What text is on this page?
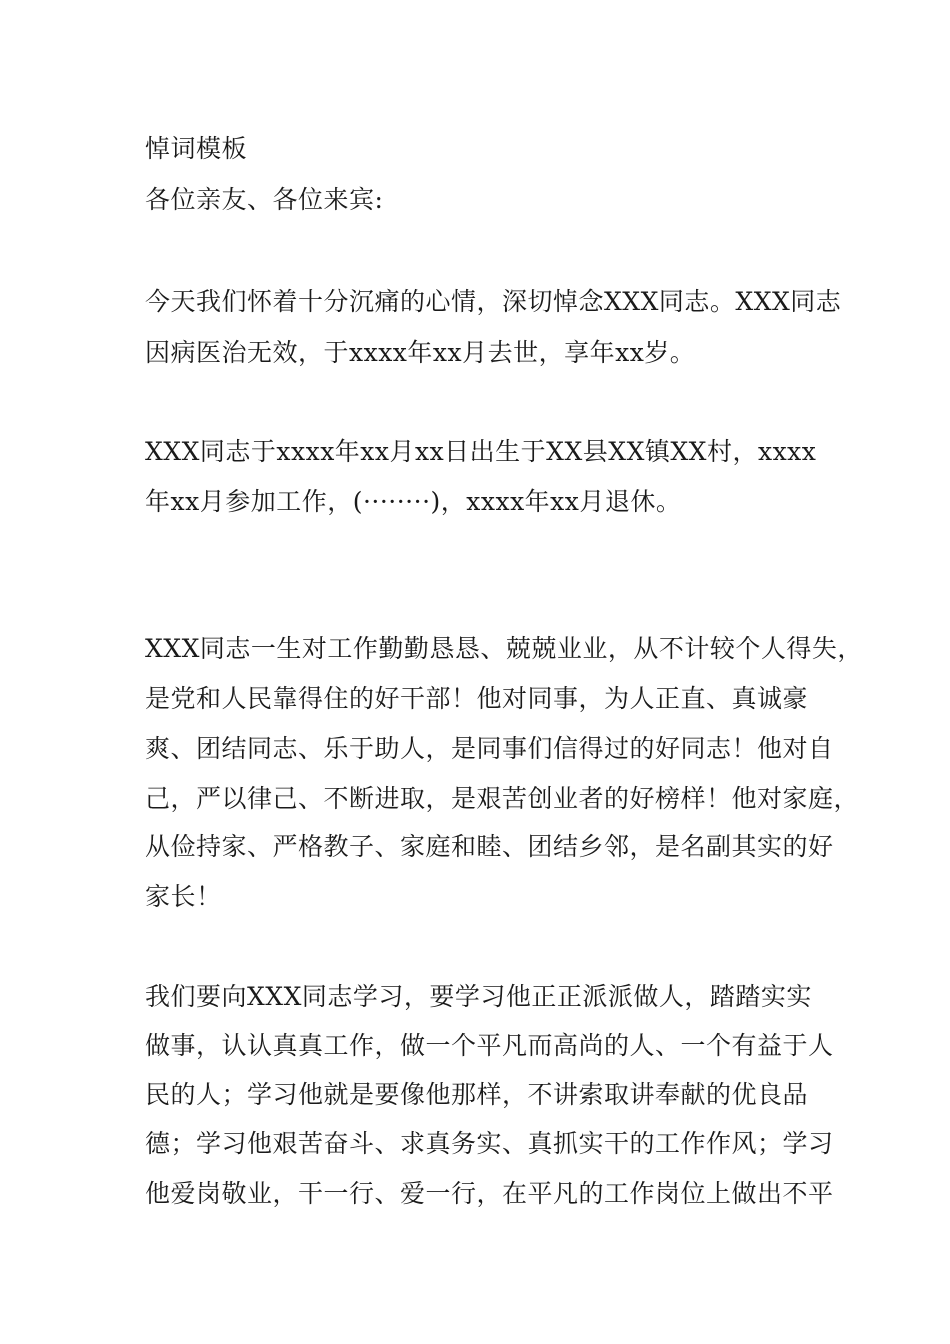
悼词模板
各位亲友、各位来宾:
今天我们怀着十分沉痛的心情，深切悼念XXX同志。XXX同志
因病医治无效，于xxxx年xx月去世，享年xx岁。
XXX同志于xxxx年xx月xx日出生于XX县XX镇XX村，xxxx
年xx月参加工作，(········)，xxxx年xx月退休。
XXX同志一生对工作勤勤恳恳、兢兢业业，从不计较个人得失，
是党和人民靠得住的好干部！他对同事，为人正直、真诚豪
爽、团结同志、乐于助人，是同事们信得过的好同志！他对自
己，严以律己、不断进取，是艰苦创业者的好榜样！他对家庭，
从俭持家、严格教子、家庭和睦、团结乡邻，是名副其实的好
家长！
我们要向XXX同志学习，要学习他正正派派做人，踏踏实实
做事，认认真真工作，做一个平凡而高尚的人、一个有益于人
民的人；学习他就是要像他那样，不讲索取讲奉献的优良品
德；学习他艰苦奋斗、求真务实、真抓实干的工作作风；学习
他爱岗敬业，干一行、爱一行，在平凡的工作岗位上做出不平
